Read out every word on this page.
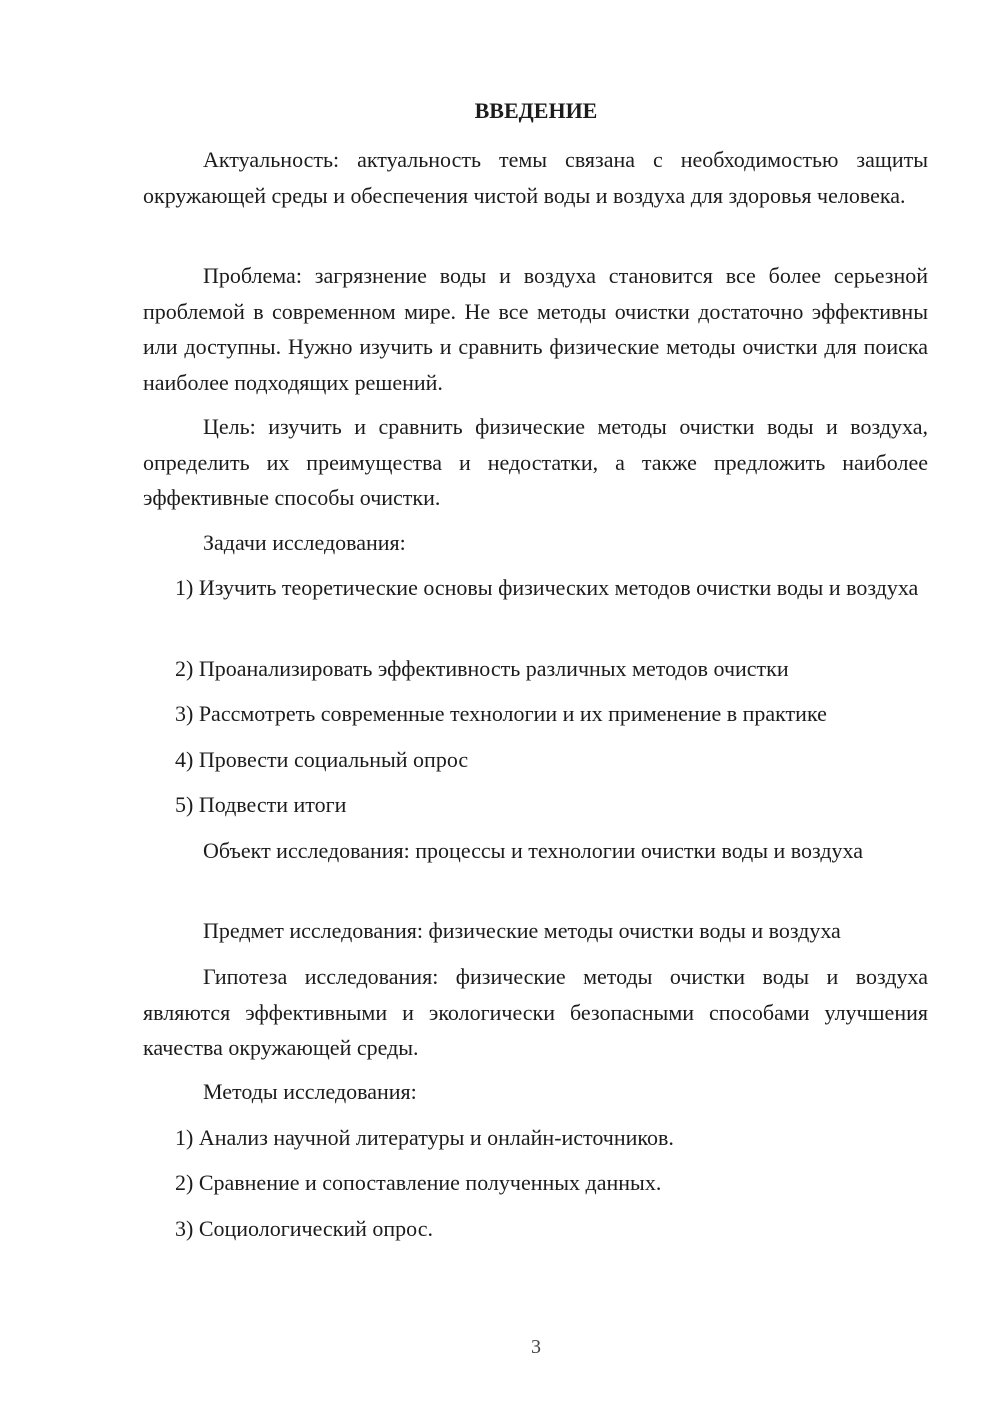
ВВЕДЕНИЕ

Актуальность: актуальность темы связана с необходимостью защиты окружающей среды и обеспечения чистой воды и воздуха для здоровья человека.

Проблема: загрязнение воды и воздуха становится все более серьезной проблемой в современном мире. Не все методы очистки достаточно эффективны или доступны. Нужно изучить и сравнить физические методы очистки для поиска наиболее подходящих решений.

Цель: изучить и сравнить физические методы очистки воды и воздуха, определить их преимущества и недостатки, а также предложить наиболее эффективные способы очистки.

Задачи исследования:

1) Изучить теоретические основы физических методов очистки воды и воздуха

2) Проанализировать эффективность различных методов очистки

3) Рассмотреть современные технологии и их применение в практике

4) Провести социальный опрос

5) Подвести итоги

Объект исследования: процессы и технологии очистки воды и воздуха

Предмет исследования: физические методы очистки воды и воздуха

Гипотеза исследования: физические методы очистки воды и воздуха являются эффективными и экологически безопасными способами улучшения качества окружающей среды.

Методы исследования:

1) Анализ научной литературы и онлайн-источников.

2) Сравнение и сопоставление полученных данных.

3) Социологический опрос.

3
